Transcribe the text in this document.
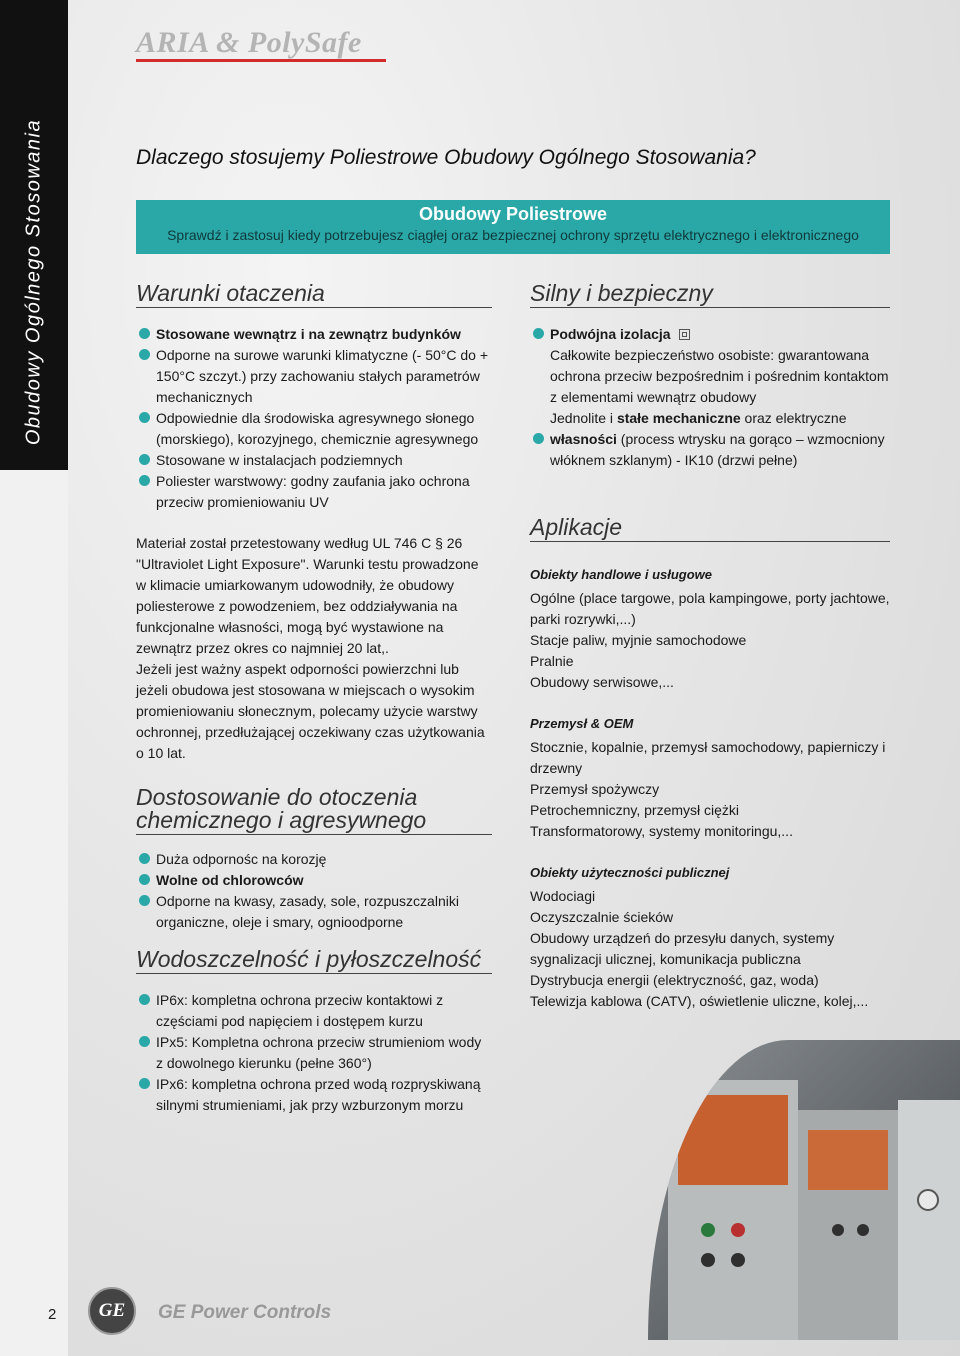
Obudowy Ogólnego Stosowania
2
ARIA & PolySafe
Dlaczego stosujemy Poliestrowe Obudowy Ogólnego Stosowania?
Obudowy Poliestrowe
Sprawdź i zastosuj kiedy potrzebujesz ciągłej oraz bezpiecznej ochrony sprzętu elektrycznego i elektronicznego
Warunki otaczenia
Stosowane wewnątrz i na zewnątrz budynków
Odporne na surowe warunki klimatyczne (- 50°C do + 150°C szczyt.) przy zachowaniu stałych parametrów mechanicznych
Odpowiednie dla środowiska agresywnego słonego (morskiego), korozyjnego, chemicznie agresywnego
Stosowane w instalacjach podziemnych
Poliester warstwowy: godny zaufania jako ochrona przeciw promieniowaniu UV

Materiał został przetestowany według UL 746 C § 26 "Ultraviolet Light Exposure". Warunki testu prowadzone w klimacie umiarkowanym udowodniły, że obudowy poliesterowe z powodzeniem, bez oddziaływania na funkcjonalne własności, mogą być wystawione na zewnątrz przez okres co najmniej 20 lat,.

Jeżeli jest ważny aspekt odporności powierzchni lub jeżeli obudowa jest stosowana w miejscach o wysokim promieniowaniu słonecznym, polecamy użycie warstwy ochronnej, przedłużającej oczekiwany czas użytkowania o 10 lat.

Dostosowanie do otoczenia
chemicznego i agresywnego
Duża odpornośc na korozję
Wolne od chlorowców
Odporne na kwasy, zasady, sole, rozpuszczalniki organiczne, oleje i smary, ognioodporne
Wodoszczelność i pyłoszczelność
IP6x: kompletna ochrona przeciw kontaktowi z częściami pod napięciem i dostępem kurzu
IPx5: Kompletna ochrona przeciw strumieniom wody z dowolnego kierunku (pełne 360°)
IPx6: kompletna ochrona przed wodą rozpryskiwaną silnymi strumieniami, jak przy wzburzonym morzu
Silny i bezpieczny
Podwójna izolacja
Całkowite bezpieczeństwo osobiste: gwarantowana ochrona przeciw bezpośrednim i pośrednim kontaktom z elementami wewnątrz obudowy
Jednolite i stałe mechaniczne oraz elektryczne
własności (process wtrysku na gorąco – wzmocniony włóknem szklanym) - IK10 (drzwi pełne)
Aplikacje

Obiekty handlowe i usługowe

Ogólne (place targowe, pola kampingowe, porty jachtowe, parki rozrywki,...)
Stacje paliw, myjnie samochodowe
Pralnie
Obudowy serwisowe,...

Przemysł & OEM

Stocznie, kopalnie, przemysł samochodowy, papierniczy i drzewny
Przemysł spożywczy
Petrochemniczny, przemysł ciężki
Transformatorowy, systemy monitoringu,...

Obiekty użyteczności publicznej

Wodociagi
Oczyszczalnie ścieków
Obudowy urządzeń do przesyłu danych, systemy sygnalizacji ulicznej, komunikacja publiczna
Dystrybucja energii (elektryczność, gaz, woda)
Telewizja kablowa (CATV), oświetlenie uliczne, kolej,...
GE	GE Power Controls
